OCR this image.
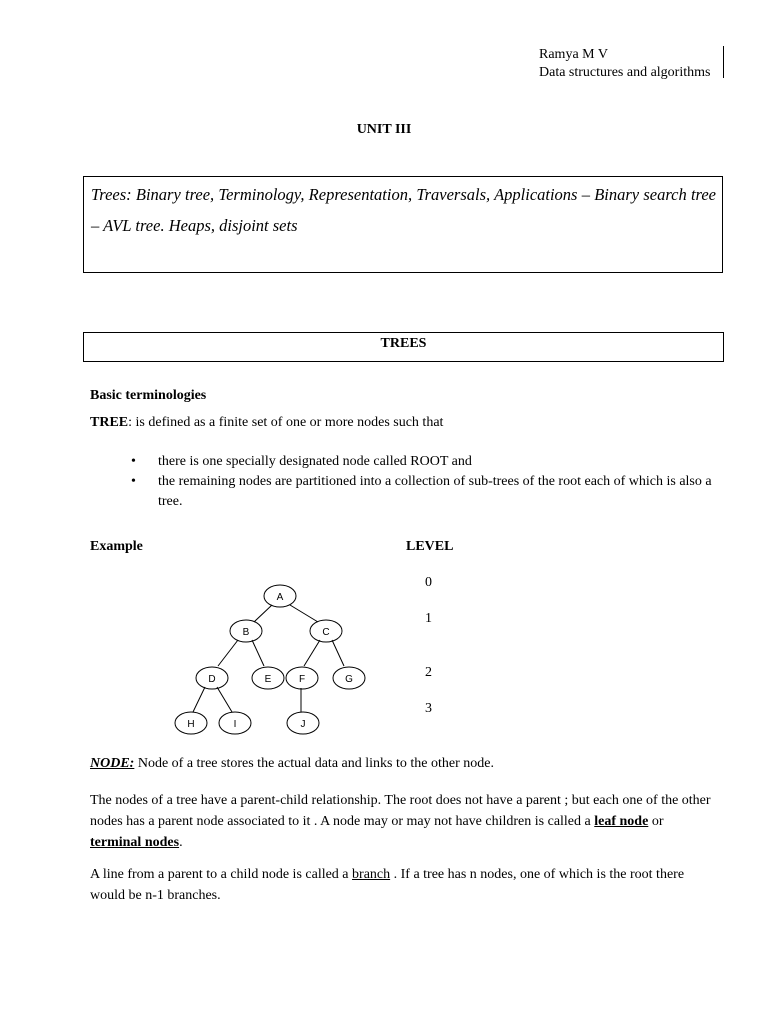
Ramya M V
Data structures and algorithms
UNIT III
Trees: Binary tree, Terminology, Representation, Traversals, Applications – Binary search tree – AVL tree. Heaps, disjoint sets
TREES
Basic terminologies
TREE: is defined as a finite set of one or more nodes such that
• there is one specially designated node called ROOT and
• the remaining nodes are partitioned into a collection of sub-trees of the root each of which is also a tree.
Example	LEVEL
0
1
2
3
A
B	C
D	E	F	G
H	I	J
NODE: Node of a tree stores the actual data and links to the other node.
The nodes of a tree have a parent-child relationship. The root does not have a parent ; but each one of the other nodes has a parent node associated to it . A node may or may not have children is called a leaf node or terminal nodes.
A line from a parent to a child node is called a branch . If a tree has n nodes, one of which is the root there would be n-1 branches.
